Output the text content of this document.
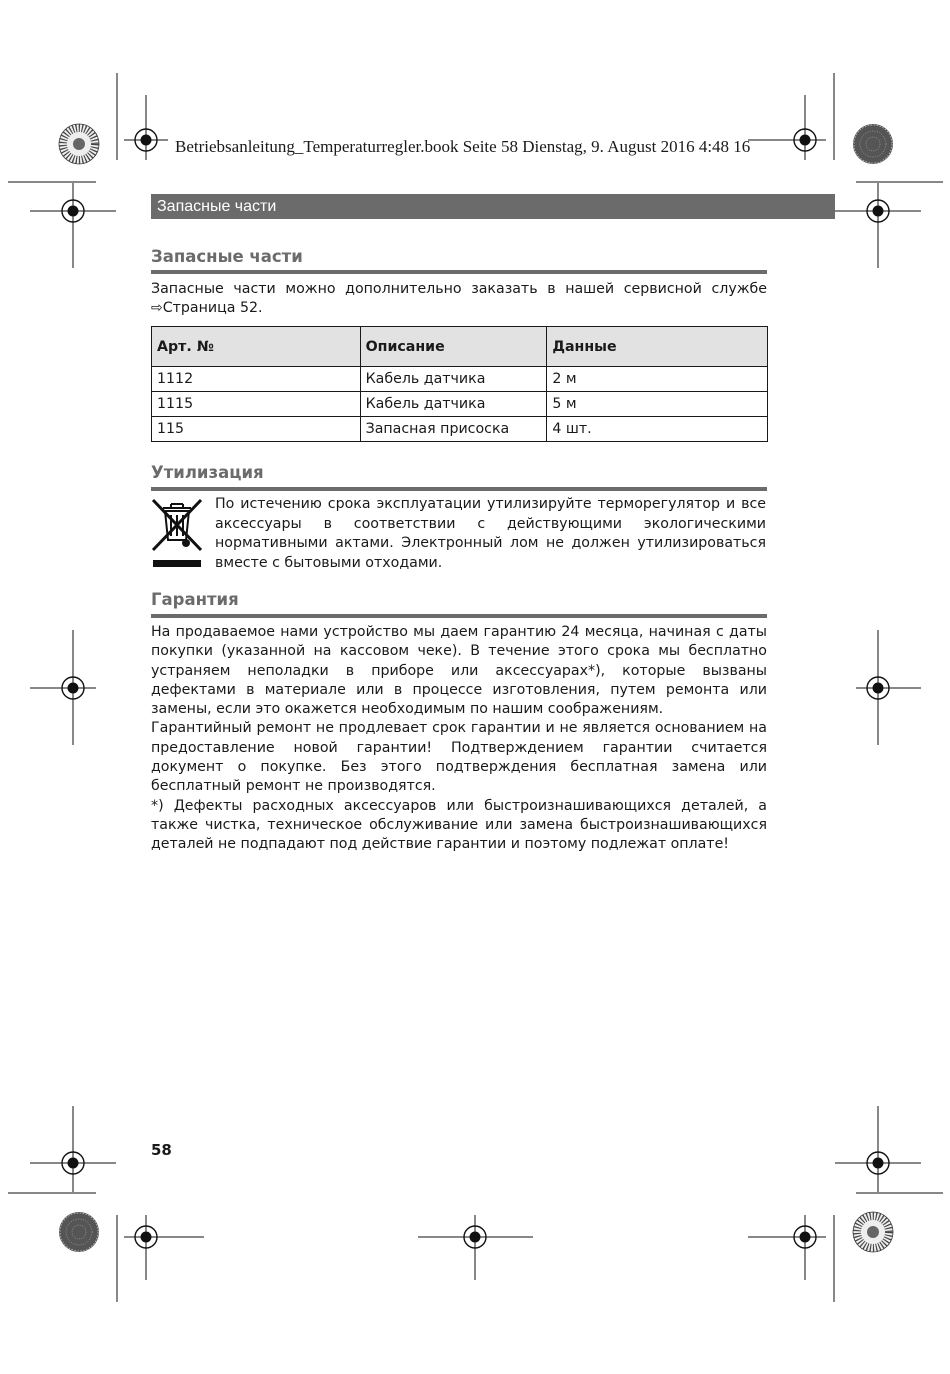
Betriebsanleitung_Temperaturregler.book Seite 58 Dienstag, 9. August 2016 4:48 16
Запасные части
Запасные части

Запасные части можно дополнительно заказать в нашей сервисной службе

⇨Страница 52.

Арт. №	Описание	Данные
1112	Кабель датчика	2 м
1115	Кабель датчика	5 м
115	Запасная присоска	4 шт.
Утилизация
По истечению срока эксплуатации утилизируйте терморегулятор и все аксессуары в соответствии с действующими экологическими нормативными актами. Электронный лом не должен утилизироваться вместе с бытовыми отходами.
Гарантия

На продаваемое нами устройство мы даем гарантию 24 месяца, начиная с даты покупки (указанной на кассовом чеке). В течение этого срока мы бесплатно устраняем неполадки в приборе или аксессуарах*), которые вызваны дефектами в материале или в процессе изготовления, путем ремонта или замены, если это окажется необходимым по нашим соображениям.

Гарантийный ремонт не продлевает срок гарантии и не является основанием на предоставление новой гарантии! Подтверждением гарантии считается документ о покупке. Без этого подтверждения бесплатная замена или бесплатный ремонт не производятся.

*) Дефекты расходных аксессуаров или быстроизнашивающихся деталей, а также чистка, техническое обслуживание или замена быстроизнашивающихся деталей не подпадают под действие гарантии и поэтому подлежат оплате!

58
